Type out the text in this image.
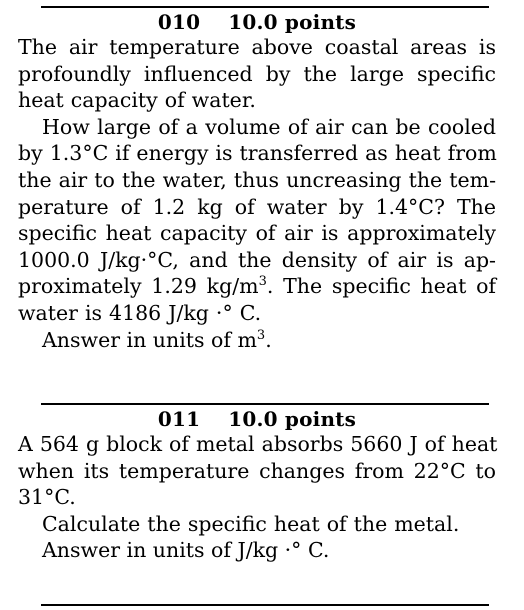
010 10.0 points
The air temperature above coastal areas is
profoundly influenced by the large specific
heat capacity of water.
How large of a volume of air can be cooled
by 1.3°C if energy is transferred as heat from
the air to the water, thus uncreasing the tem-
perature of 1.2 kg of water by 1.4°C? The
specific heat capacity of air is approximately
1000.0 J/kg·°C, and the density of air is ap-
proximately 1.29 $kg/m^3$. The specific heat of
water is 4186 J/kg ·° C.
Answer in units of $m^3$.
011 10.0 points
A 564 g block of metal absorbs 5660 J of heat
when its temperature changes from 22°C to
31°C.
Calculate the specific heat of the metal.
Answer in units of J/kg ·° C.
